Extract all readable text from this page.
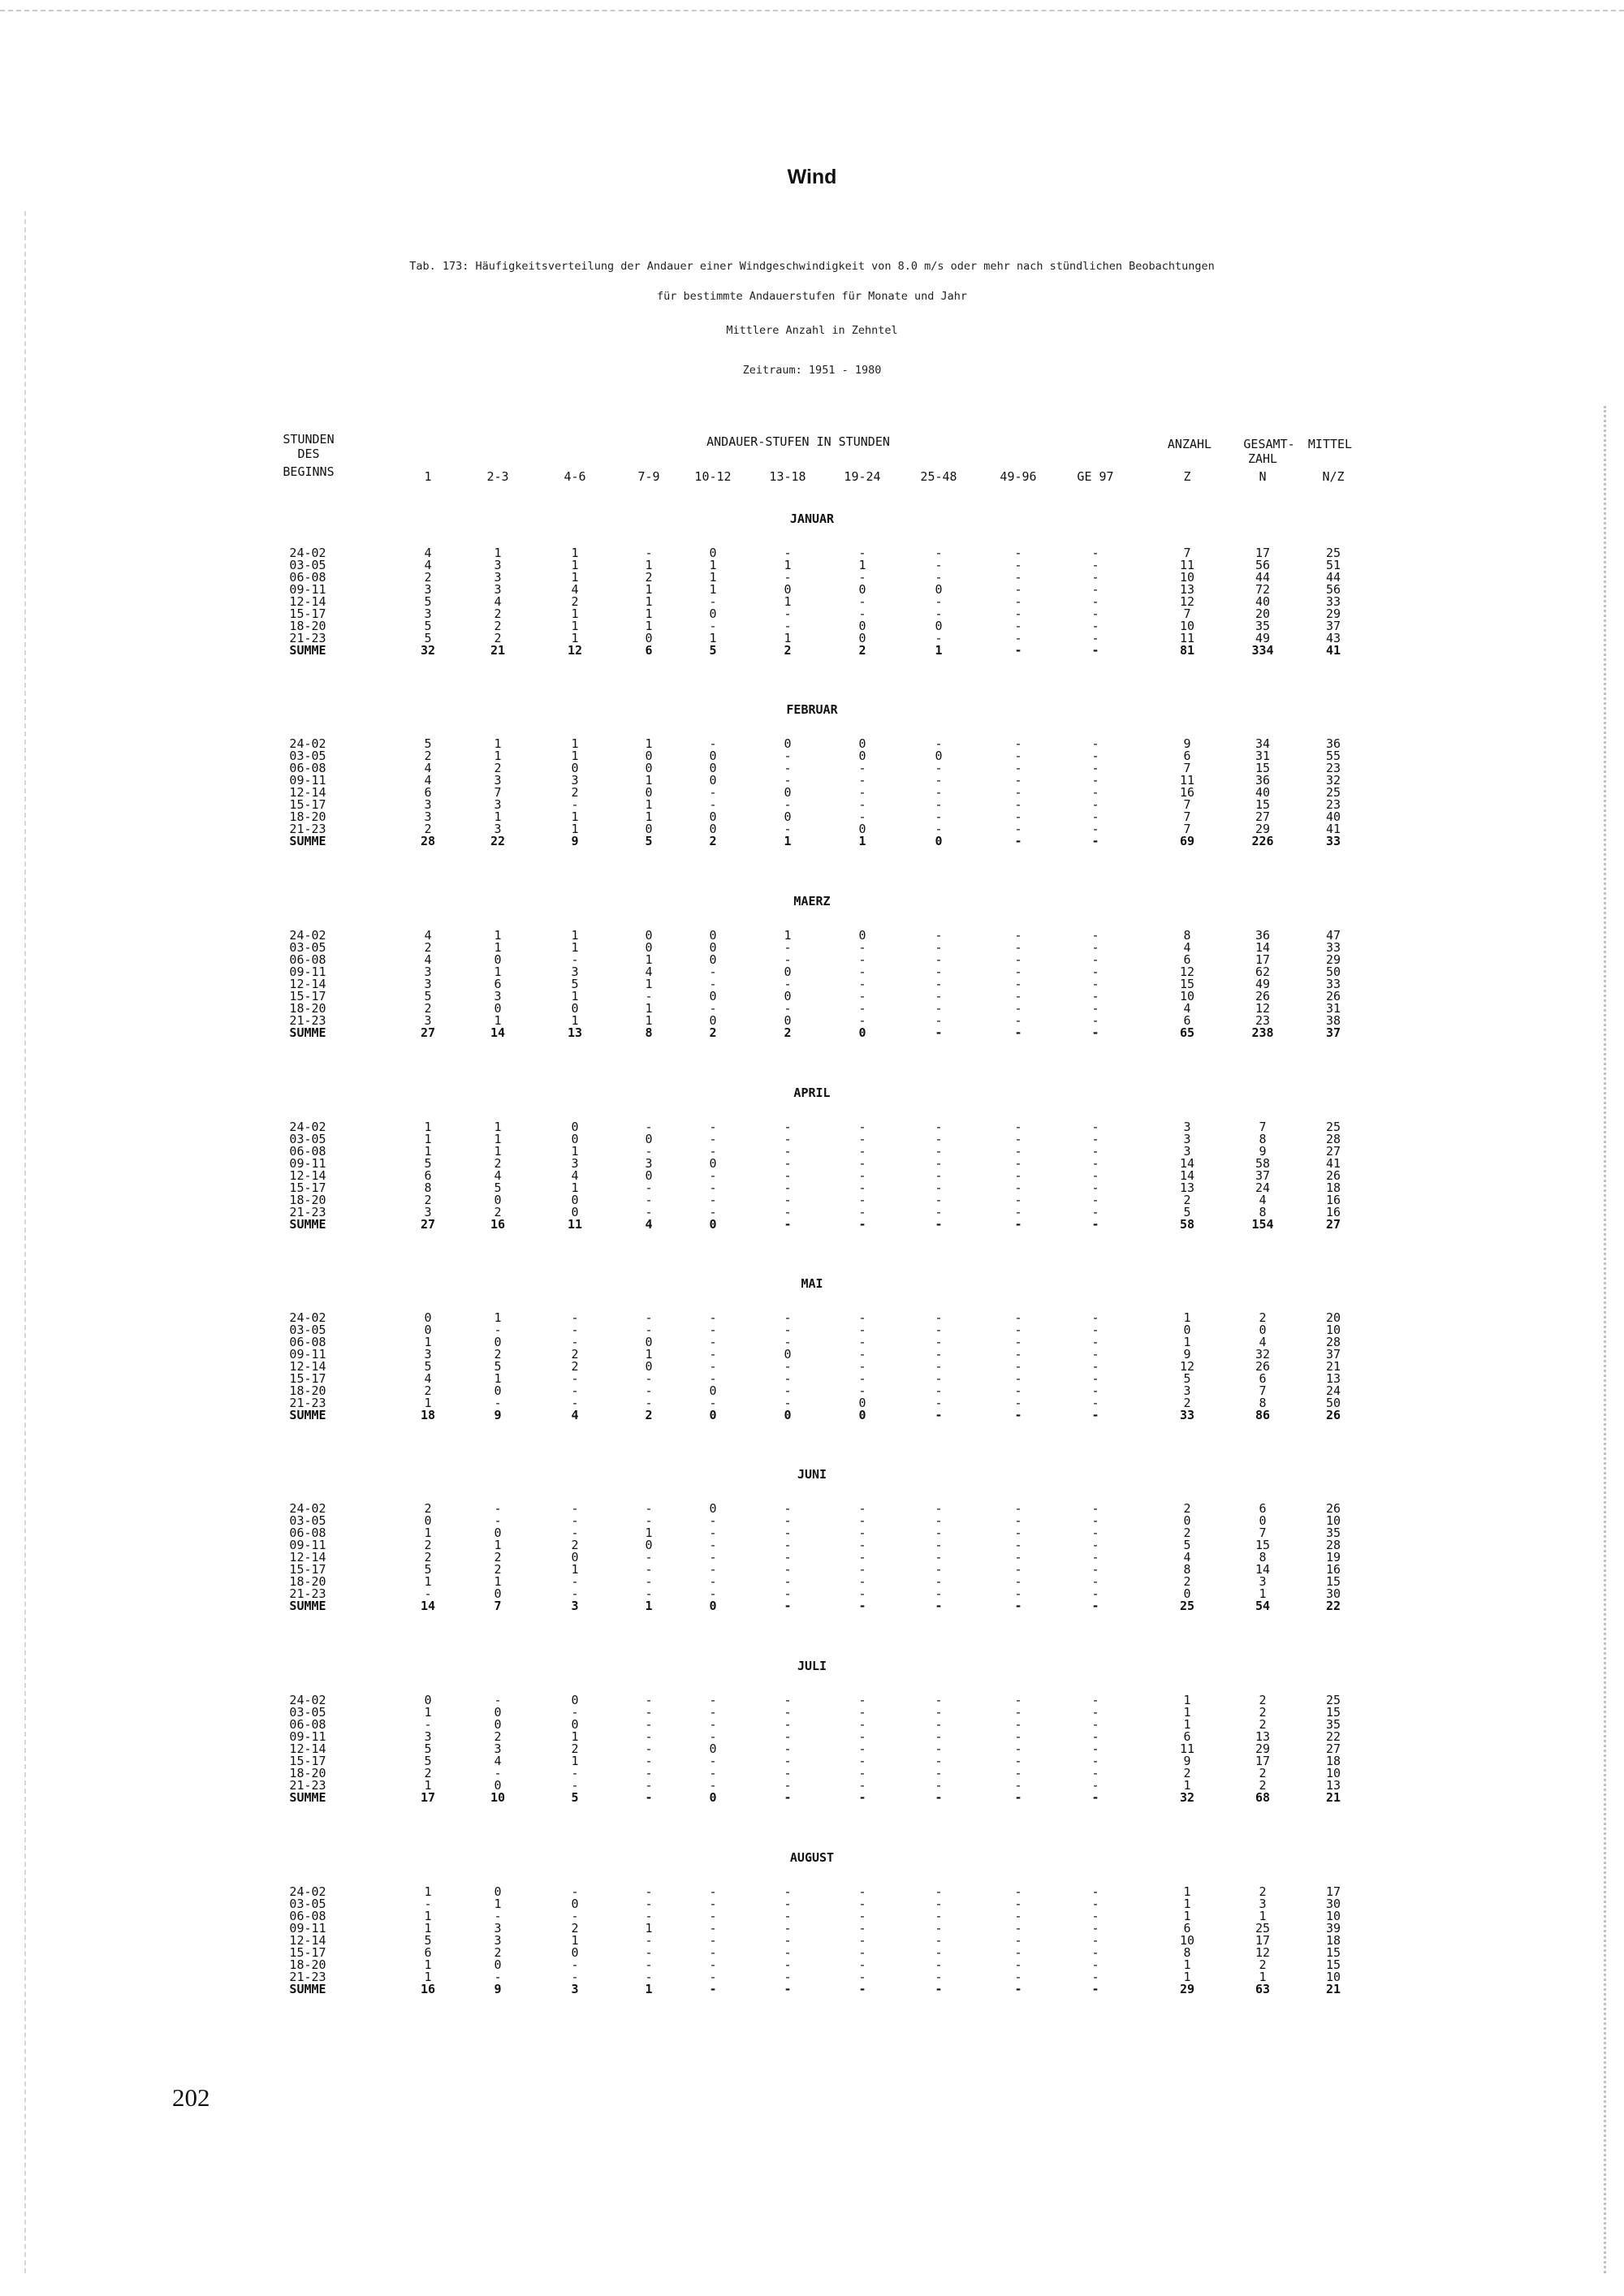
Wind
Tab. 173: Häufigkeitsverteilung der Andauer einer Windgeschwindigkeit von 8.0 m/s oder mehr nach stündlichen Beobachtungen
für bestimmte Andauerstufen für Monate und Jahr
Mittlere Anzahl in Zehntel
Zeitraum: 1951 - 1980
STUNDEN
DES
BEGINNS
ANDAUER-STUFEN IN STUNDEN	ANZAHL	GESAMT-
ZAHL
MITTEL
1	2-3	4-6	7-9	10-12	13-18	19-24	25-48	49-96	GE 97	Z	N	N/Z
JANUAR
24-02	4	1	1	-	0	-	-	-	-	-	7	17	25
03-05	4	3	1	1	1	1	1	-	-	-	11	56	51
06-08	2	3	1	2	1	-	-	-	-	-	10	44	44
09-11	3	3	4	1	1	0	0	0	-	-	13	72	56
12-14	5	4	2	1	-	1	-	-	-	-	12	40	33
15-17	3	2	1	1	0	-	-	-	-	-	7	20	29
18-20	5	2	1	1	-	-	0	0	-	-	10	35	37
21-23	5	2	1	0	1	1	0	-	-	-	11	49	43
SUMME	32	21	12	6	5	2	2	1	-	-	81	334	41
FEBRUAR
24-02	5	1	1	1	-	0	0	-	-	-	9	34	36
03-05	2	1	1	0	0	-	0	0	-	-	6	31	55
06-08	4	2	0	0	0	-	-	-	-	-	7	15	23
09-11	4	3	3	1	0	-	-	-	-	-	11	36	32
12-14	6	7	2	0	-	0	-	-	-	-	16	40	25
15-17	3	3	-	1	-	-	-	-	-	-	7	15	23
18-20	3	1	1	1	0	0	-	-	-	-	7	27	40
21-23	2	3	1	0	0	-	0	-	-	-	7	29	41
SUMME	28	22	9	5	2	1	1	0	-	-	69	226	33
MAERZ
24-02	4	1	1	0	0	1	0	-	-	-	8	36	47
03-05	2	1	1	0	0	-	-	-	-	-	4	14	33
06-08	4	0	-	1	0	-	-	-	-	-	6	17	29
09-11	3	1	3	4	-	0	-	-	-	-	12	62	50
12-14	3	6	5	1	-	-	-	-	-	-	15	49	33
15-17	5	3	1	-	0	0	-	-	-	-	10	26	26
18-20	2	0	0	1	-	-	-	-	-	-	4	12	31
21-23	3	1	1	1	0	0	-	-	-	-	6	23	38
SUMME	27	14	13	8	2	2	0	-	-	-	65	238	37
APRIL
24-02	1	1	0	-	-	-	-	-	-	-	3	7	25
03-05	1	1	0	0	-	-	-	-	-	-	3	8	28
06-08	1	1	1	-	-	-	-	-	-	-	3	9	27
09-11	5	2	3	3	0	-	-	-	-	-	14	58	41
12-14	6	4	4	0	-	-	-	-	-	-	14	37	26
15-17	8	5	1	-	-	-	-	-	-	-	13	24	18
18-20	2	0	0	-	-	-	-	-	-	-	2	4	16
21-23	3	2	0	-	-	-	-	-	-	-	5	8	16
SUMME	27	16	11	4	0	-	-	-	-	-	58	154	27
MAI
24-02	0	1	-	-	-	-	-	-	-	-	1	2	20
03-05	0	-	-	-	-	-	-	-	-	-	0	0	10
06-08	1	0	-	0	-	-	-	-	-	-	1	4	28
09-11	3	2	2	1	-	0	-	-	-	-	9	32	37
12-14	5	5	2	0	-	-	-	-	-	-	12	26	21
15-17	4	1	-	-	-	-	-	-	-	-	5	6	13
18-20	2	0	-	-	0	-	-	-	-	-	3	7	24
21-23	1	-	-	-	-	-	0	-	-	-	2	8	50
SUMME	18	9	4	2	0	0	0	-	-	-	33	86	26
JUNI
24-02	2	-	-	-	0	-	-	-	-	-	2	6	26
03-05	0	-	-	-	-	-	-	-	-	-	0	0	10
06-08	1	0	-	1	-	-	-	-	-	-	2	7	35
09-11	2	1	2	0	-	-	-	-	-	-	5	15	28
12-14	2	2	0	-	-	-	-	-	-	-	4	8	19
15-17	5	2	1	-	-	-	-	-	-	-	8	14	16
18-20	1	1	-	-	-	-	-	-	-	-	2	3	15
21-23	-	0	-	-	-	-	-	-	-	-	0	1	30
SUMME	14	7	3	1	0	-	-	-	-	-	25	54	22
JULI
24-02	0	-	0	-	-	-	-	-	-	-	1	2	25
03-05	1	0	-	-	-	-	-	-	-	-	1	2	15
06-08	-	0	0	-	-	-	-	-	-	-	1	2	35
09-11	3	2	1	-	-	-	-	-	-	-	6	13	22
12-14	5	3	2	-	0	-	-	-	-	-	11	29	27
15-17	5	4	1	-	-	-	-	-	-	-	9	17	18
18-20	2	-	-	-	-	-	-	-	-	-	2	2	10
21-23	1	0	-	-	-	-	-	-	-	-	1	2	13
SUMME	17	10	5	-	0	-	-	-	-	-	32	68	21
AUGUST
24-02	1	0	-	-	-	-	-	-	-	-	1	2	17
03-05	-	1	0	-	-	-	-	-	-	-	1	3	30
06-08	1	-	-	-	-	-	-	-	-	-	1	1	10
09-11	1	3	2	1	-	-	-	-	-	-	6	25	39
12-14	5	3	1	-	-	-	-	-	-	-	10	17	18
15-17	6	2	0	-	-	-	-	-	-	-	8	12	15
18-20	1	0	-	-	-	-	-	-	-	-	1	2	15
21-23	1	-	-	-	-	-	-	-	-	-	1	1	10
SUMME	16	9	3	1	-	-	-	-	-	-	29	63	21
202
